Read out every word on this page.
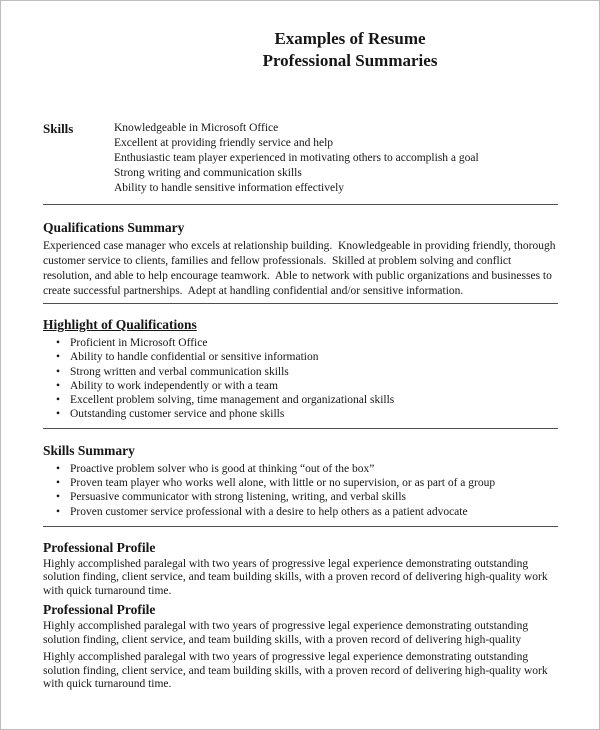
Examples of Resume
Professional Summaries
Skills	Knowledgeable in Microsoft Office
Excellent at providing friendly service and help
Enthusiastic team player experienced in motivating others to accomplish a goal
Strong writing and communication skills
Ability to handle sensitive information effectively
Qualifications Summary
Experienced case manager who excels at relationship building.  Knowledgeable in providing friendly, thorough customer service to clients, families and fellow professionals.  Skilled at problem solving and conflict resolution, and able to help encourage teamwork.  Able to network with public organizations and businesses to create successful partnerships.  Adept at handling confidential and/or sensitive information.
Highlight of Qualifications
• Proficient in Microsoft Office
• Ability to handle confidential or sensitive information
• Strong written and verbal communication skills
• Ability to work independently or with a team
• Excellent problem solving, time management and organizational skills
• Outstanding customer service and phone skills
Skills Summary
• Proactive problem solver who is good at thinking “out of the box”
• Proven team player who works well alone, with little or no supervision, or as part of a group
• Persuasive communicator with strong listening, writing, and verbal skills
• Proven customer service professional with a desire to help others as a patient advocate
Professional Profile
Highly accomplished paralegal with two years of progressive legal experience demonstrating outstanding solution finding, client service, and team building skills, with a proven record of delivering high-quality work with quick turnaround time.
Professional Profile
Highly accomplished paralegal with two years of progressive legal experience demonstrating outstanding solution finding, client service, and team building skills, with a proven record of delivering high-quality
Highly accomplished paralegal with two years of progressive legal experience demonstrating outstanding solution finding, client service, and team building skills, with a proven record of delivering high-quality work with quick turnaround time.
